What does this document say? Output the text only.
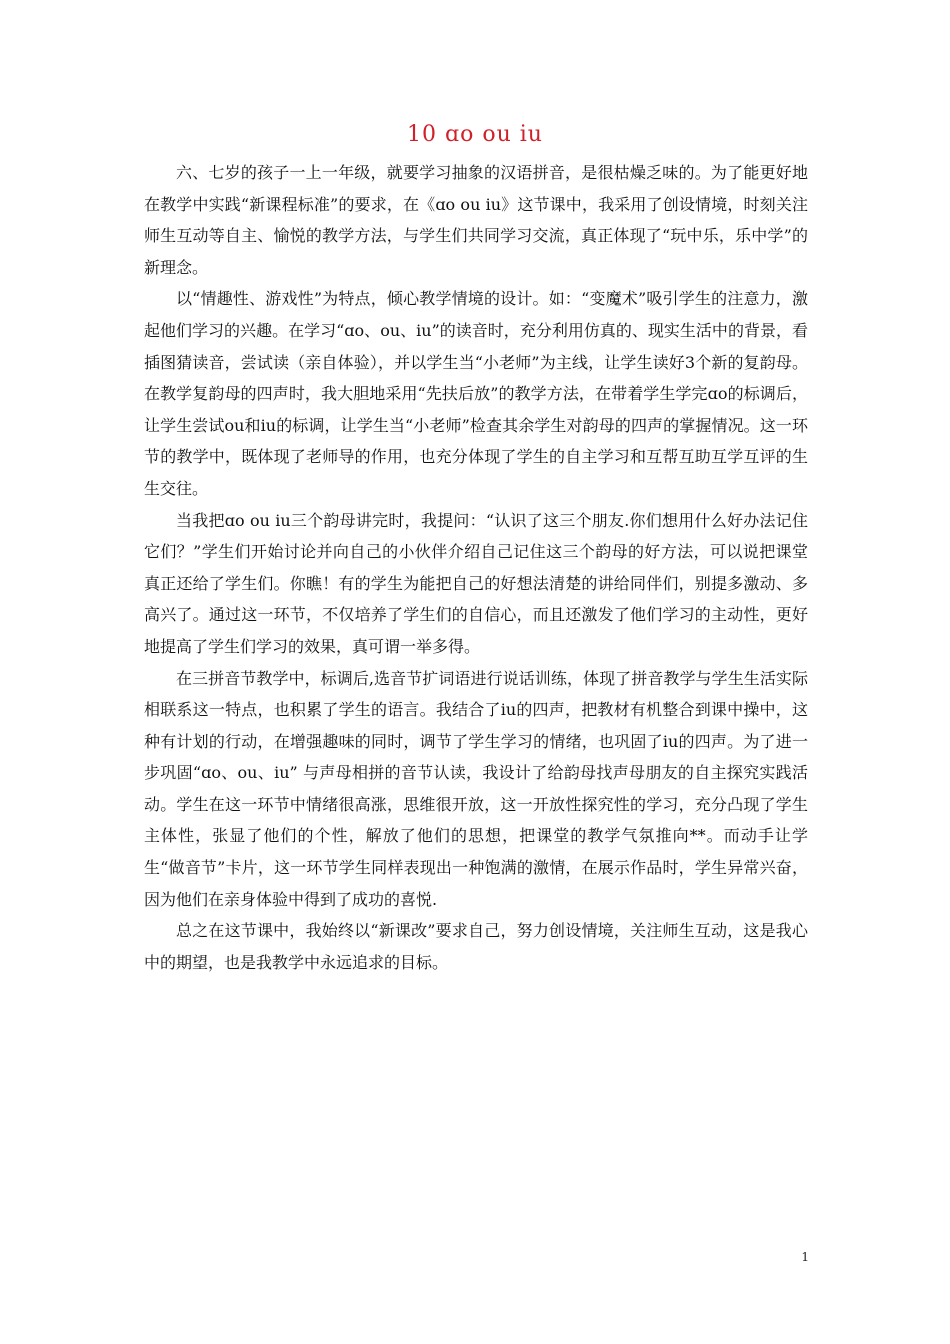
10 ɑo ou iu

六、七岁的孩子一上一年级，就要学习抽象的汉语拼音，是很枯燥乏味的。为了能更好地在教学中实践“新课程标准”的要求，在《ɑo ou iu》这节课中，我采用了创设情境，时刻关注师生互动等自主、愉悦的教学方法，与学生们共同学习交流，真正体现了“玩中乐，乐中学”的新理念。

以“情趣性、游戏性”为特点，倾心教学情境的设计。如：“变魔术”吸引学生的注意力，激起他们学习的兴趣。在学习“ɑo、ou、iu”的读音时，充分利用仿真的、现实生活中的背景，看插图猜读音，尝试读（亲自体验），并以学生当“小老师”为主线，让学生读好3个新的复韵母。在教学复韵母的四声时，我大胆地采用“先扶后放”的教学方法，在带着学生学完ɑo的标调后，让学生尝试ou和iu的标调，让学生当“小老师”检查其余学生对韵母的四声的掌握情况。这一环节的教学中，既体现了老师导的作用，也充分体现了学生的自主学习和互帮互助互学互评的生生交往。

当我把ɑo ou iu三个韵母讲完时，我提问：“认识了这三个朋友.你们想用什么好办法记住它们？”学生们开始讨论并向自己的小伙伴介绍自己记住这三个韵母的好方法，可以说把课堂真正还给了学生们。你瞧！有的学生为能把自己的好想法清楚的讲给同伴们，别提多激动、多高兴了。通过这一环节，不仅培养了学生们的自信心，而且还激发了他们学习的主动性，更好地提高了学生们学习的效果，真可谓一举多得。

在三拼音节教学中，标调后,选音节扩词语进行说话训练，体现了拼音教学与学生生活实际相联系这一特点，也积累了学生的语言。我结合了iu的四声，把教材有机整合到课中操中，这种有计划的行动，在增强趣味的同时，调节了学生学习的情绪，也巩固了iu的四声。为了进一步巩固“ɑo、ou、iu” 与声母相拼的音节认读，我设计了给韵母找声母朋友的自主探究实践活动。学生在这一环节中情绪很高涨，思维很开放，这一开放性探究性的学习，充分凸现了学生主体性，张显了他们的个性，解放了他们的思想，把课堂的教学气氛推向**。而动手让学生“做音节”卡片，这一环节学生同样表现出一种饱满的激情，在展示作品时，学生异常兴奋，因为他们在亲身体验中得到了成功的喜悦.

总之在这节课中，我始终以“新课改”要求自己，努力创设情境，关注师生互动，这是我心中的期望，也是我教学中永远追求的目标。

1
